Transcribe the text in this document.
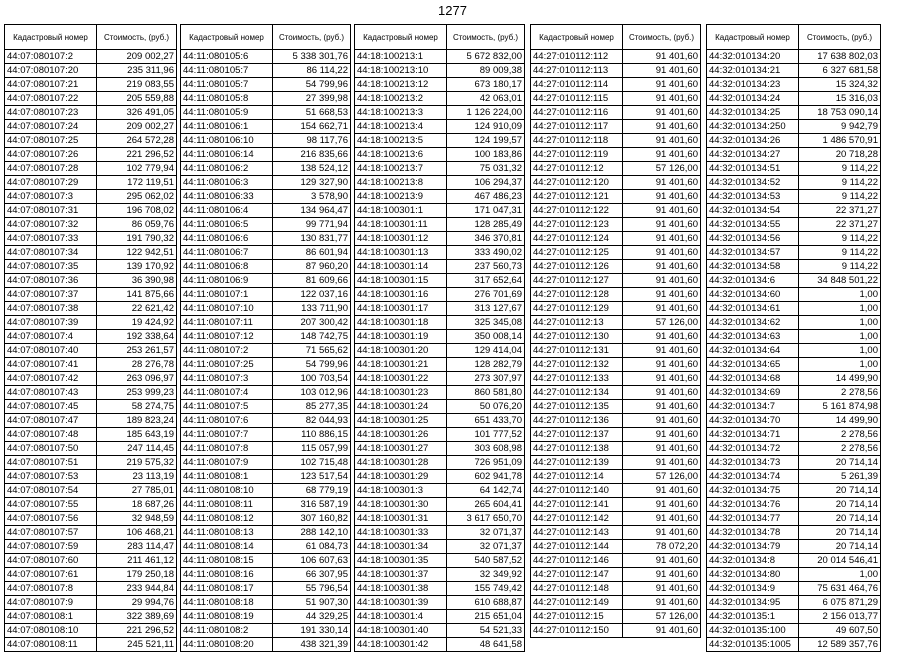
1277
Кадастровый номер	Стоимость, (руб.)
44:07:080107:2	209 002,27
44:07:080107:20	235 311,96
44:07:080107:21	219 083,55
44:07:080107:22	205 559,88
44:07:080107:23	326 491,05
44:07:080107:24	209 002,27
44:07:080107:25	264 572,28
44:07:080107:26	221 296,52
44:07:080107:28	102 779,94
44:07:080107:29	172 119,51
44:07:080107:3	295 062,02
44:07:080107:31	196 708,02
44:07:080107:32	86 059,76
44:07:080107:33	191 790,32
44:07:080107:34	122 942,51
44:07:080107:35	139 170,92
44:07:080107:36	36 390,98
44:07:080107:37	141 875,66
44:07:080107:38	22 621,42
44:07:080107:39	19 424,92
44:07:080107:4	192 338,64
44:07:080107:40	253 261,57
44:07:080107:41	28 276,78
44:07:080107:42	263 096,97
44:07:080107:43	253 999,23
44:07:080107:45	58 274,75
44:07:080107:47	189 823,24
44:07:080107:48	185 643,19
44:07:080107:50	247 114,45
44:07:080107:51	219 575,32
44:07:080107:53	23 113,19
44:07:080107:54	27 785,01
44:07:080107:55	18 687,26
44:07:080107:56	32 948,59
44:07:080107:57	106 468,21
44:07:080107:59	283 114,47
44:07:080107:60	211 461,12
44:07:080107:61	179 250,18
44:07:080107:8	233 944,84
44:07:080107:9	29 994,76
44:07:080108:1	322 389,69
44:07:080108:10	221 296,52
44:07:080108:11	245 521,11
Кадастровый номер	Стоимость, (руб.)
44:11:080105:6	5 338 301,76
44:11:080105:7	86 114,22
44:11:080105:7	54 799,96
44:11:080105:8	27 399,98
44:11:080105:9	51 668,53
44:11:080106:1	154 662,71
44:11:080106:10	98 117,76
44:11:080106:14	216 835,66
44:11:080106:2	138 524,12
44:11:080106:3	129 327,90
44:11:080106:33	3 578,90
44:11:080106:4	134 964,47
44:11:080106:5	99 771,94
44:11:080106:6	130 831,77
44:11:080106:7	86 601,94
44:11:080106:8	87 960,20
44:11:080106:9	81 609,66
44:11:080107:1	122 037,16
44:11:080107:10	133 711,90
44:11:080107:11	207 300,42
44:11:080107:12	148 742,75
44:11:080107:2	71 565,62
44:11:080107:25	54 799,96
44:11:080107:3	100 703,54
44:11:080107:4	103 012,96
44:11:080107:5	85 277,35
44:11:080107:6	82 044,93
44:11:080107:7	110 886,15
44:11:080107:8	115 057,99
44:11:080107:9	102 715,48
44:11:080108:1	123 517,54
44:11:080108:10	68 779,19
44:11:080108:11	316 587,19
44:11:080108:12	307 160,82
44:11:080108:13	288 142,10
44:11:080108:14	61 084,73
44:11:080108:15	106 607,63
44:11:080108:16	66 307,95
44:11:080108:17	55 796,54
44:11:080108:18	51 907,30
44:11:080108:19	44 329,25
44:11:080108:2	191 330,14
44:11:080108:20	438 321,39
Кадастровый номер	Стоимость, (руб.)
44:18:100213:1	5 672 832,00
44:18:100213:10	89 009,38
44:18:100213:12	673 180,17
44:18:100213:2	42 063,01
44:18:100213:3	1 126 224,00
44:18:100213:4	124 910,09
44:18:100213:5	124 199,57
44:18:100213:6	100 183,86
44:18:100213:7	75 031,32
44:18:100213:8	106 294,37
44:18:100213:9	467 486,23
44:18:100301:1	171 047,31
44:18:100301:11	128 285,49
44:18:100301:12	346 370,81
44:18:100301:13	333 490,02
44:18:100301:14	237 560,73
44:18:100301:15	317 652,64
44:18:100301:16	276 701,69
44:18:100301:17	313 127,67
44:18:100301:18	325 345,08
44:18:100301:19	350 008,14
44:18:100301:20	129 414,04
44:18:100301:21	128 282,79
44:18:100301:22	273 307,97
44:18:100301:23	860 581,80
44:18:100301:24	50 076,20
44:18:100301:25	651 433,70
44:18:100301:26	101 777,52
44:18:100301:27	303 608,98
44:18:100301:28	726 951,09
44:18:100301:29	602 941,78
44:18:100301:3	64 142,74
44:18:100301:30	265 604,41
44:18:100301:31	3 617 650,70
44:18:100301:33	32 071,37
44:18:100301:34	32 071,37
44:18:100301:35	540 587,52
44:18:100301:37	32 349,92
44:18:100301:38	155 749,42
44:18:100301:39	610 688,87
44:18:100301:4	215 651,04
44:18:100301:40	54 521,33
44:18:100301:42	48 641,58
Кадастровый номер	Стоимость, (руб.)
44:27:010112:112	91 401,60
44:27:010112:113	91 401,60
44:27:010112:114	91 401,60
44:27:010112:115	91 401,60
44:27:010112:116	91 401,60
44:27:010112:117	91 401,60
44:27:010112:118	91 401,60
44:27:010112:119	91 401,60
44:27:010112:12	57 126,00
44:27:010112:120	91 401,60
44:27:010112:121	91 401,60
44:27:010112:122	91 401,60
44:27:010112:123	91 401,60
44:27:010112:124	91 401,60
44:27:010112:125	91 401,60
44:27:010112:126	91 401,60
44:27:010112:127	91 401,60
44:27:010112:128	91 401,60
44:27:010112:129	91 401,60
44:27:010112:13	57 126,00
44:27:010112:130	91 401,60
44:27:010112:131	91 401,60
44:27:010112:132	91 401,60
44:27:010112:133	91 401,60
44:27:010112:134	91 401,60
44:27:010112:135	91 401,60
44:27:010112:136	91 401,60
44:27:010112:137	91 401,60
44:27:010112:138	91 401,60
44:27:010112:139	91 401,60
44:27:010112:14	57 126,00
44:27:010112:140	91 401,60
44:27:010112:141	91 401,60
44:27:010112:142	91 401,60
44:27:010112:143	91 401,60
44:27:010112:144	78 072,20
44:27:010112:146	91 401,60
44:27:010112:147	91 401,60
44:27:010112:148	91 401,60
44:27:010112:149	91 401,60
44:27:010112:15	57 126,00
44:27:010112:150	91 401,60
Кадастровый номер	Стоимость, (руб.)
44:32:010134:20	17 638 802,03
44:32:010134:21	6 327 681,58
44:32:010134:23	15 324,32
44:32:010134:24	15 316,03
44:32:010134:25	18 753 090,14
44:32:010134:250	9 942,79
44:32:010134:26	1 486 570,91
44:32:010134:27	20 718,28
44:32:010134:51	9 114,22
44:32:010134:52	9 114,22
44:32:010134:53	9 114,22
44:32:010134:54	22 371,27
44:32:010134:55	22 371,27
44:32:010134:56	9 114,22
44:32:010134:57	9 114,22
44:32:010134:58	9 114,22
44:32:010134:6	34 848 501,22
44:32:010134:60	1,00
44:32:010134:61	1,00
44:32:010134:62	1,00
44:32:010134:63	1,00
44:32:010134:64	1,00
44:32:010134:65	1,00
44:32:010134:68	14 499,90
44:32:010134:69	2 278,56
44:32:010134:7	5 161 874,98
44:32:010134:70	14 499,90
44:32:010134:71	2 278,56
44:32:010134:72	2 278,56
44:32:010134:73	20 714,14
44:32:010134:74	5 261,39
44:32:010134:75	20 714,14
44:32:010134:76	20 714,14
44:32:010134:77	20 714,14
44:32:010134:78	20 714,14
44:32:010134:79	20 714,14
44:32:010134:8	20 014 546,41
44:32:010134:80	1,00
44:32:010134:9	75 631 464,76
44:32:010134:95	6 075 871,29
44:32:010135:1	2 156 013,77
44:32:010135:100	49 607,50
44:32:010135:1005	12 589 357,76
